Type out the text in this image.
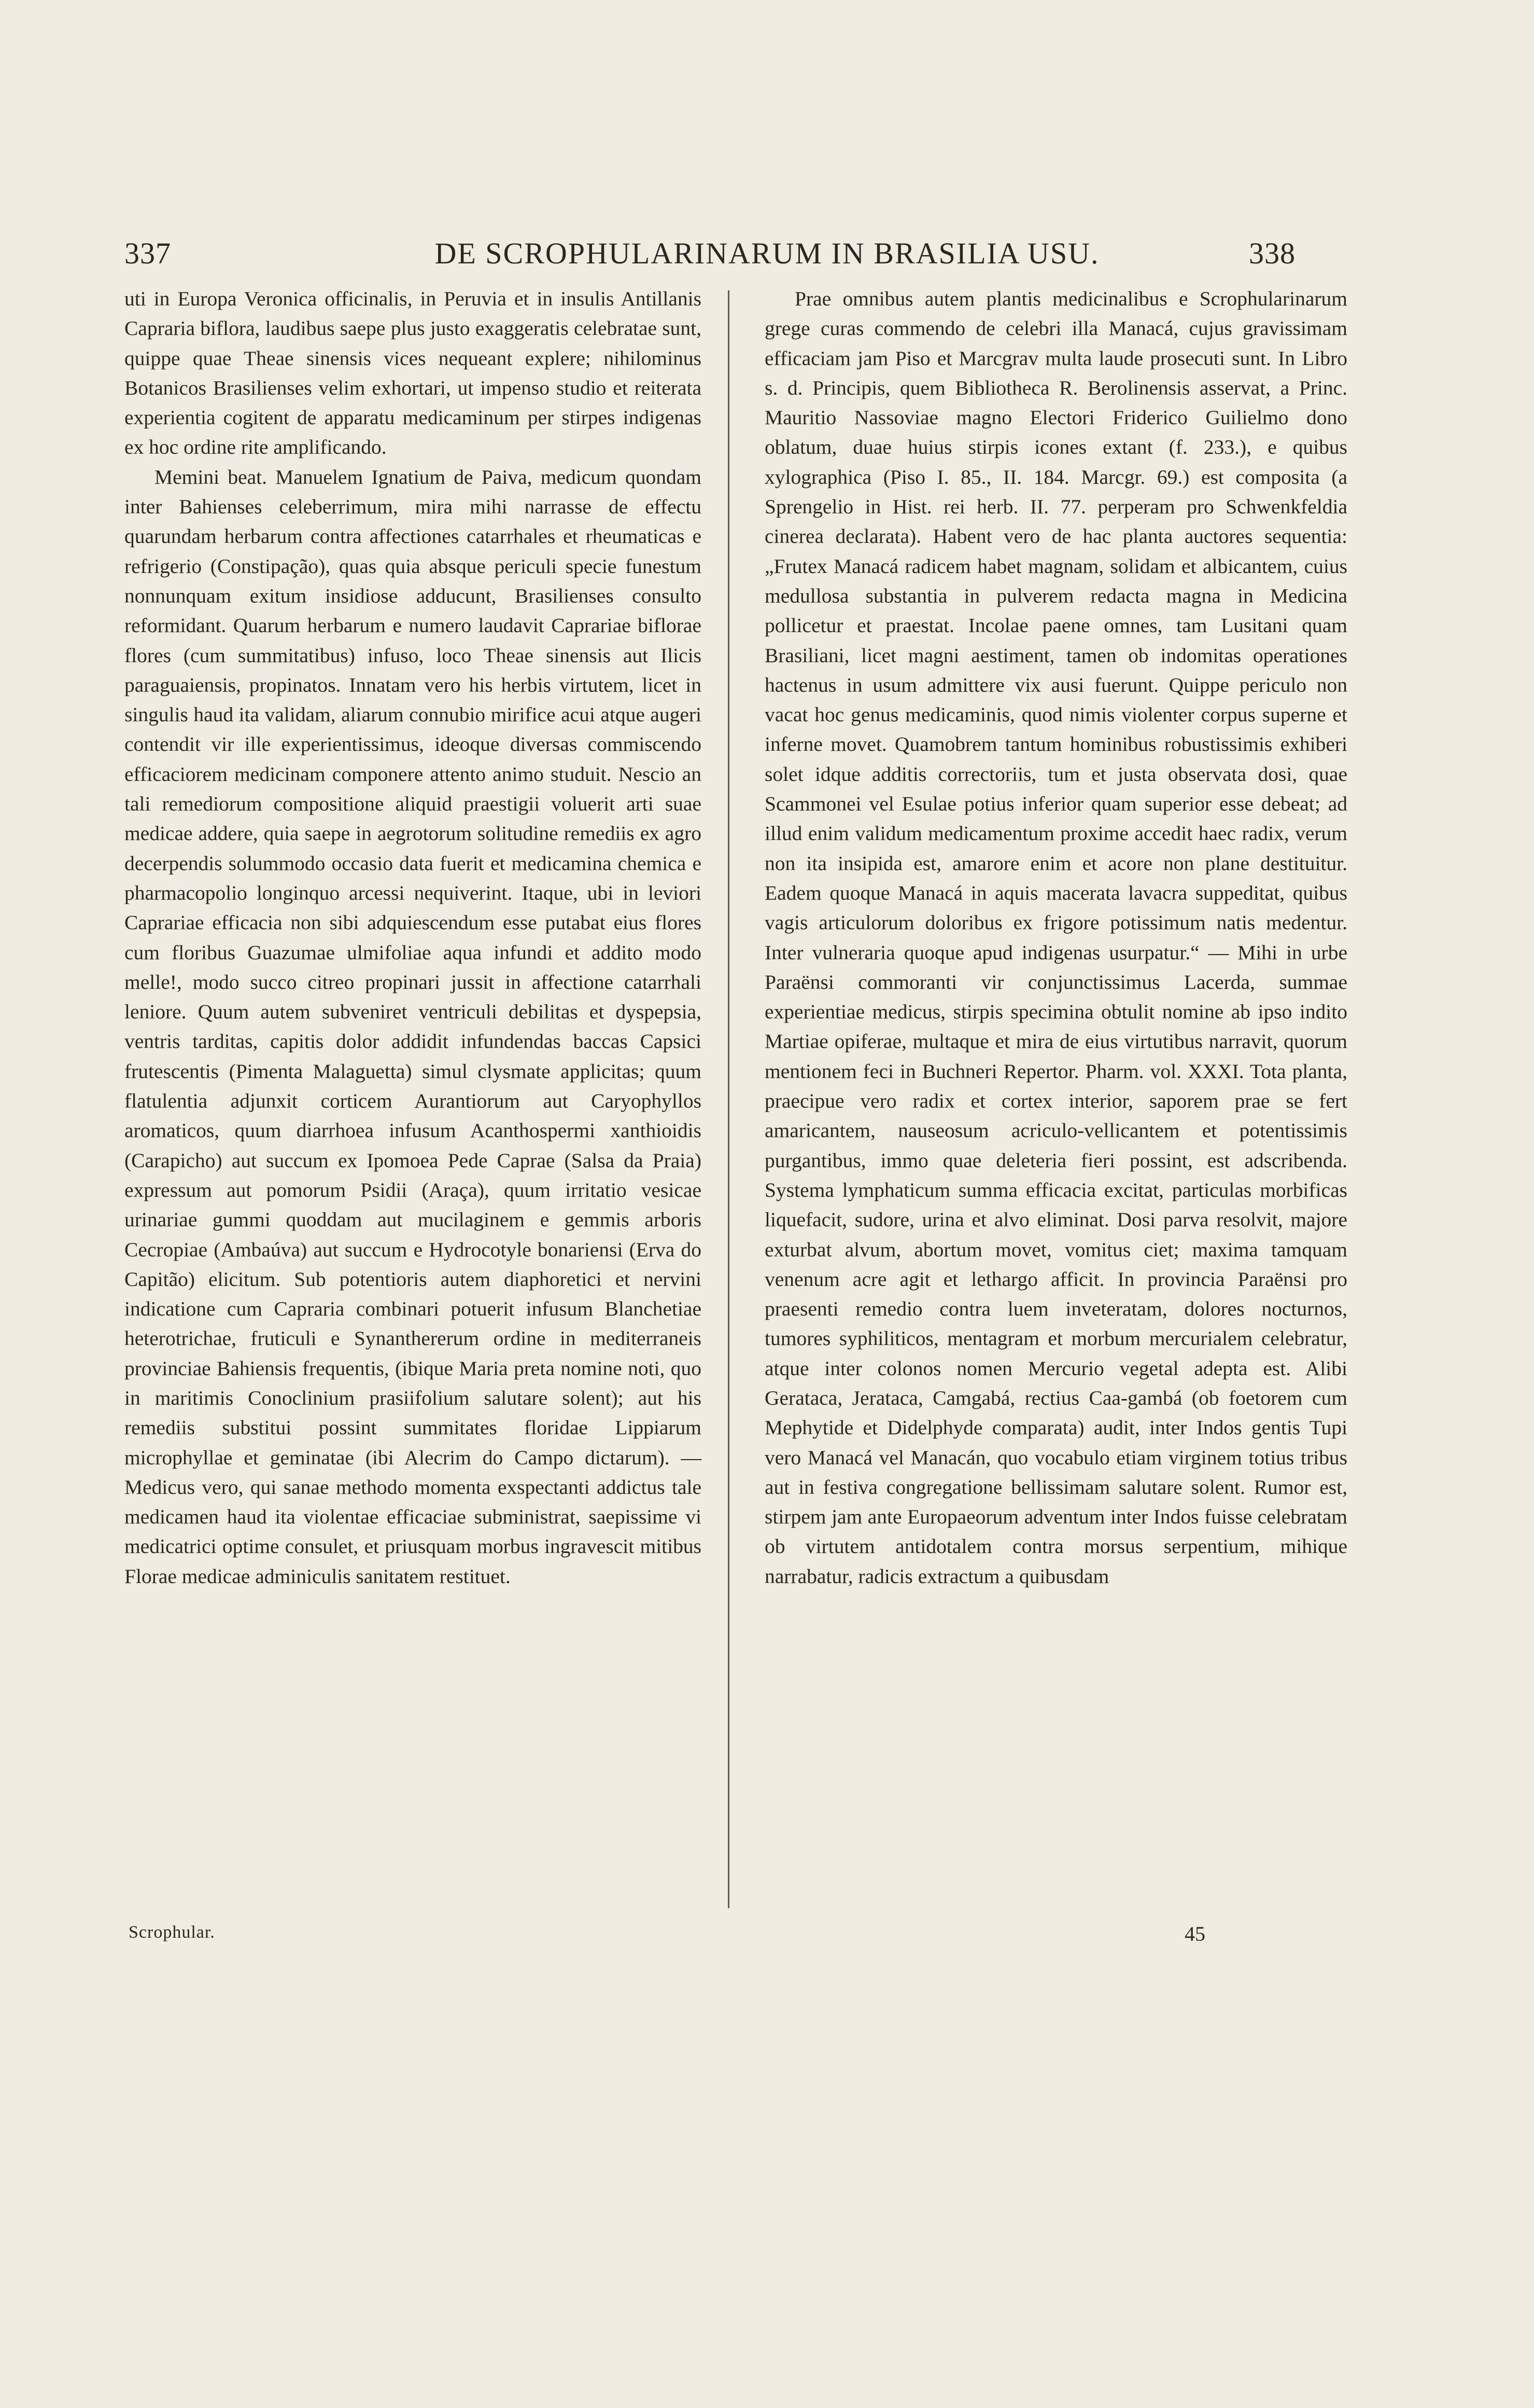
337	DE SCROPHULARINARUM IN BRASILIA USU.	338

uti in Europa Veronica officinalis, in Peruvia et in insulis Antillanis Capraria biflora, laudibus saepe plus justo exaggeratis celebratae sunt, quippe quae Theae sinensis vices nequeant explere; nihilominus Botanicos Brasilienses velim exhortari, ut impenso studio et reiterata experientia cogitent de apparatu medicaminum per stirpes indigenas ex hoc ordine rite amplificando.

Memini beat. Manuelem Ignatium de Paiva, medicum quondam inter Bahienses celeberrimum, mira mihi narrasse de effectu quarundam herbarum contra affectiones catarrhales et rheumaticas e refrigerio (Constipação), quas quia absque periculi specie funestum nonnunquam exitum insidiose adducunt, Brasilienses consulto reformidant. Quarum herbarum e numero laudavit Caprariae biflorae flores (cum summitatibus) infuso, loco Theae sinensis aut Ilicis paraguaiensis, propinatos. Innatam vero his herbis virtutem, licet in singulis haud ita validam, aliarum connubio mirifice acui atque augeri contendit vir ille experientissimus, ideoque diversas commiscendo efficaciorem medicinam componere attento animo studuit. Nescio an tali remediorum compositione aliquid praestigii voluerit arti suae medicae addere, quia saepe in aegrotorum solitudine remediis ex agro decerpendis solummodo occasio data fuerit et medicamina chemica e pharmacopolio longinquo arcessi nequiverint. Itaque, ubi in leviori Caprariae efficacia non sibi adquiescendum esse putabat eius flores cum floribus Guazumae ulmifoliae aqua infundi et addito modo melle!, modo succo citreo propinari jussit in affectione catarrhali leniore. Quum autem subveniret ventriculi debilitas et dyspepsia, ventris tarditas, capitis dolor addidit infundendas baccas Capsici frutescentis (Pimenta Malaguetta) simul clysmate applicitas; quum flatulentia adjunxit corticem Aurantiorum aut Caryophyllos aromaticos, quum diarrhoea infusum Acanthospermi xanthioidis (Carapicho) aut succum ex Ipomoea Pede Caprae (Salsa da Praia) expressum aut pomorum Psidii (Araça), quum irritatio vesicae urinariae gummi quoddam aut mucilaginem e gemmis arboris Cecropiae (Ambaúva) aut succum e Hydrocotyle bonariensi (Erva do Capitão) elicitum. Sub potentioris autem diaphoretici et nervini indicatione cum Capraria combinari potuerit infusum Blanchetiae heterotrichae, fruticuli e Synanthererum ordine in mediterraneis provinciae Bahiensis frequentis, (ibique Maria preta nomine noti, quo in maritimis Conoclinium prasiifolium salutare solent); aut his remediis substitui possint summitates floridae Lippiarum microphyllae et geminatae (ibi Alecrim do Campo dictarum). — Medicus vero, qui sanae methodo momenta exspectanti addictus tale medicamen haud ita violentae efficaciae subministrat, saepissime vi medicatrici optime consulet, et priusquam morbus ingravescit mitibus Florae medicae adminiculis sanitatem restituet.

Prae omnibus autem plantis medicinalibus e Scrophularinarum grege curas commendo de celebri illa Manacá, cujus gravissimam efficaciam jam Piso et Marcgrav multa laude prosecuti sunt. In Libro s. d. Principis, quem Bibliotheca R. Berolinensis asservat, a Princ. Mauritio Nassoviae magno Electori Friderico Guilielmo dono oblatum, duae huius stirpis icones extant (f. 233.), e quibus xylographica (Piso I. 85., II. 184. Marcgr. 69.) est composita (a Sprengelio in Hist. rei herb. II. 77. perperam pro Schwenkfeldia cinerea declarata). Habent vero de hac planta auctores sequentia: „Frutex Manacá radicem habet magnam, solidam et albicantem, cuius medullosa substantia in pulverem redacta magna in Medicina pollicetur et praestat. Incolae paene omnes, tam Lusitani quam Brasiliani, licet magni aestiment, tamen ob indomitas operationes hactenus in usum admittere vix ausi fuerunt. Quippe periculo non vacat hoc genus medicaminis, quod nimis violenter corpus superne et inferne movet. Quamobrem tantum hominibus robustissimis exhiberi solet idque additis correctoriis, tum et justa observata dosi, quae Scammonei vel Esulae potius inferior quam superior esse debeat; ad illud enim validum medicamentum proxime accedit haec radix, verum non ita insipida est, amarore enim et acore non plane destituitur. Eadem quoque Manacá in aquis macerata lavacra suppeditat, quibus vagis articulorum doloribus ex frigore potissimum natis medentur. Inter vulneraria quoque apud indigenas usurpatur.“ — Mihi in urbe Paraënsi commoranti vir conjunctissimus Lacerda, summae experientiae medicus, stirpis specimina obtulit nomine ab ipso indito Martiae opiferae, multaque et mira de eius virtutibus narravit, quorum mentionem feci in Buchneri Repertor. Pharm. vol. XXXI. Tota planta, praecipue vero radix et cortex interior, saporem prae se fert amaricantem, nauseosum acriculo-vellicantem et potentissimis purgantibus, immo quae deleteria fieri possint, est adscribenda. Systema lymphaticum summa efficacia excitat, particulas morbificas liquefacit, sudore, urina et alvo eliminat. Dosi parva resolvit, majore exturbat alvum, abortum movet, vomitus ciet; maxima tamquam venenum acre agit et lethargo afficit. In provincia Paraënsi pro praesenti remedio contra luem inveteratam, dolores nocturnos, tumores syphiliticos, mentagram et morbum mercurialem celebratur, atque inter colonos nomen Mercurio vegetal adepta est. Alibi Gerataca, Jerataca, Camgabá, rectius Caa-gambá (ob foetorem cum Mephytide et Didelphyde comparata) audit, inter Indos gentis Tupi vero Manacá vel Manacán, quo vocabulo etiam virginem totius tribus aut in festiva congregatione bellissimam salutare solent. Rumor est, stirpem jam ante Europaeorum adventum inter Indos fuisse celebratam ob virtutem antidotalem contra morsus serpentium, mihique narrabatur, radicis extractum a quibusdam

Scrophular.	45
